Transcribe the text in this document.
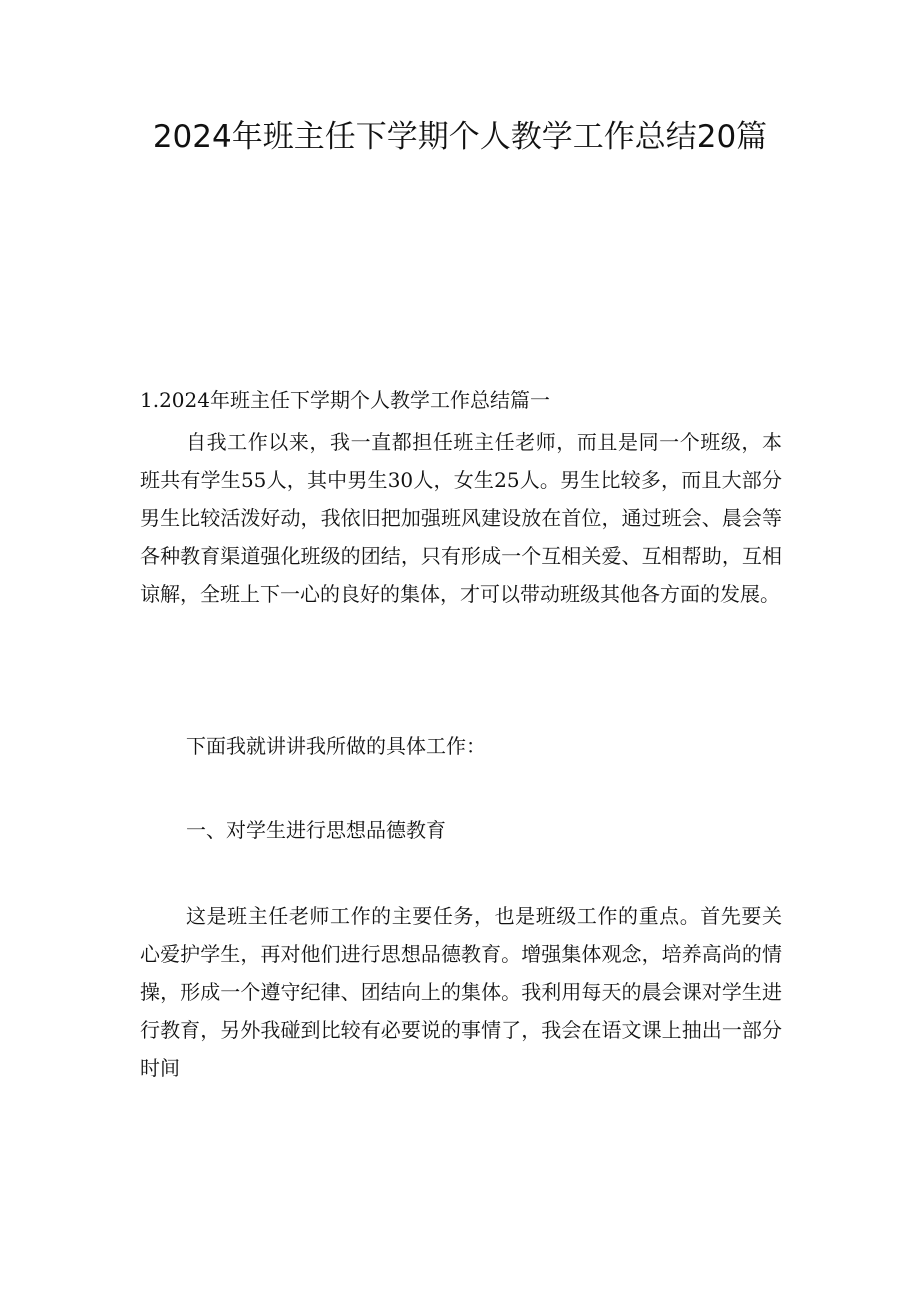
2024年班主任下学期个人教学工作总结20篇

1.2024年班主任下学期个人教学工作总结篇一

自我工作以来，我一直都担任班主任老师，而且是同一个班级，本班共有学生55人，其中男生30人，女生25人。男生比较多，而且大部分男生比较活泼好动，我依旧把加强班风建设放在首位，通过班会、晨会等各种教育渠道强化班级的团结，只有形成一个互相关爱、互相帮助，互相谅解，全班上下一心的良好的集体，才可以带动班级其他各方面的发展。

下面我就讲讲我所做的具体工作：

一、对学生进行思想品德教育

这是班主任老师工作的主要任务，也是班级工作的重点。首先要关心爱护学生，再对他们进行思想品德教育。增强集体观念，培养高尚的情操，形成一个遵守纪律、团结向上的集体。我利用每天的晨会课对学生进行教育，另外我碰到比较有必要说的事情了，我会在语文课上抽出一部分时间
